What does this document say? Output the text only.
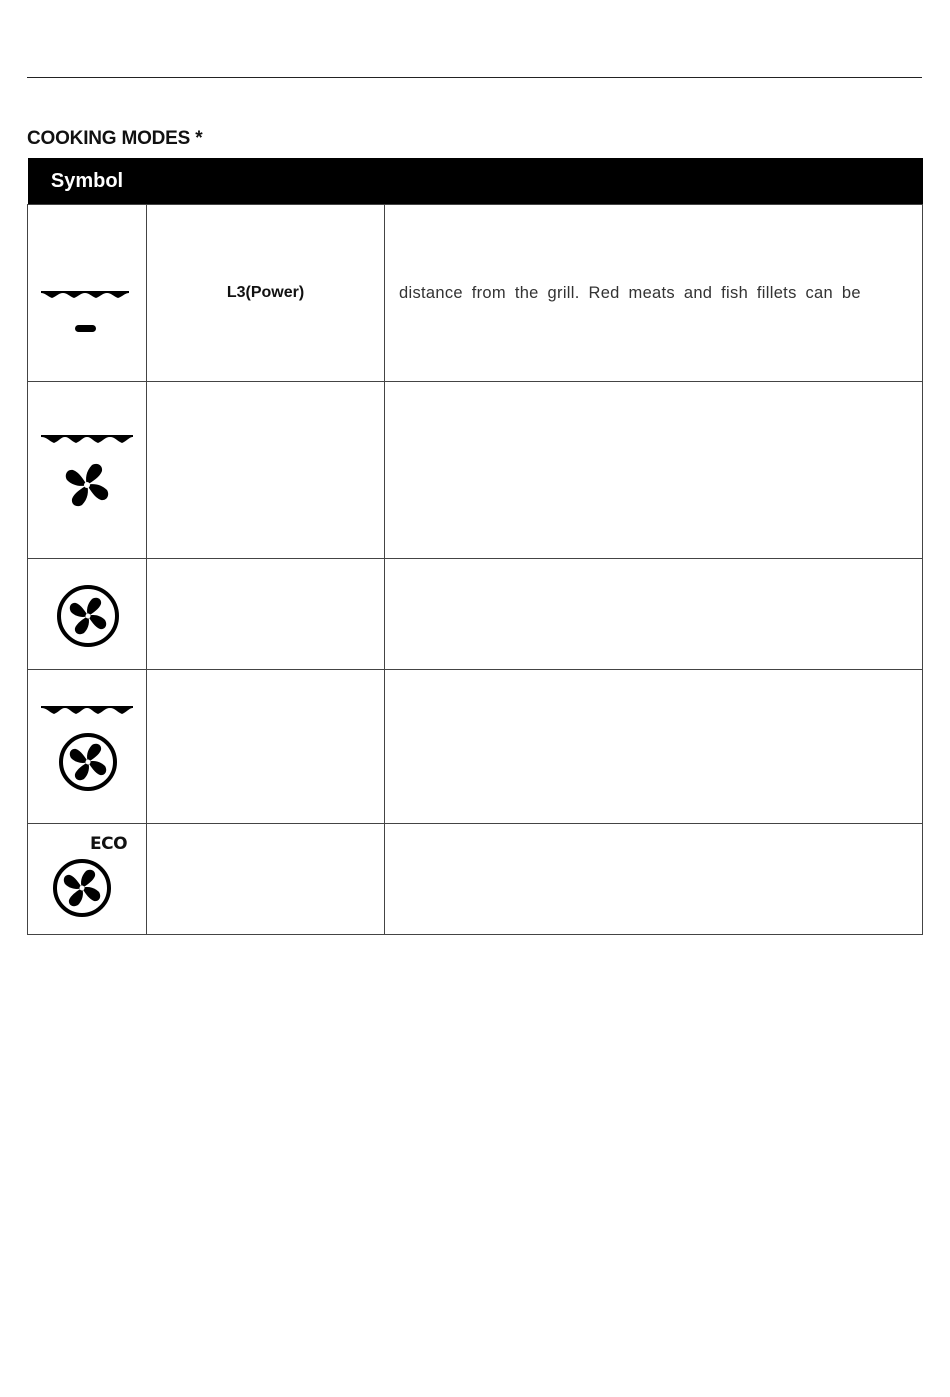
COOKING MODES *
Symbol		

	L3(Power)	distance from the grill. Red meats and fish fillets can be

ECO		
